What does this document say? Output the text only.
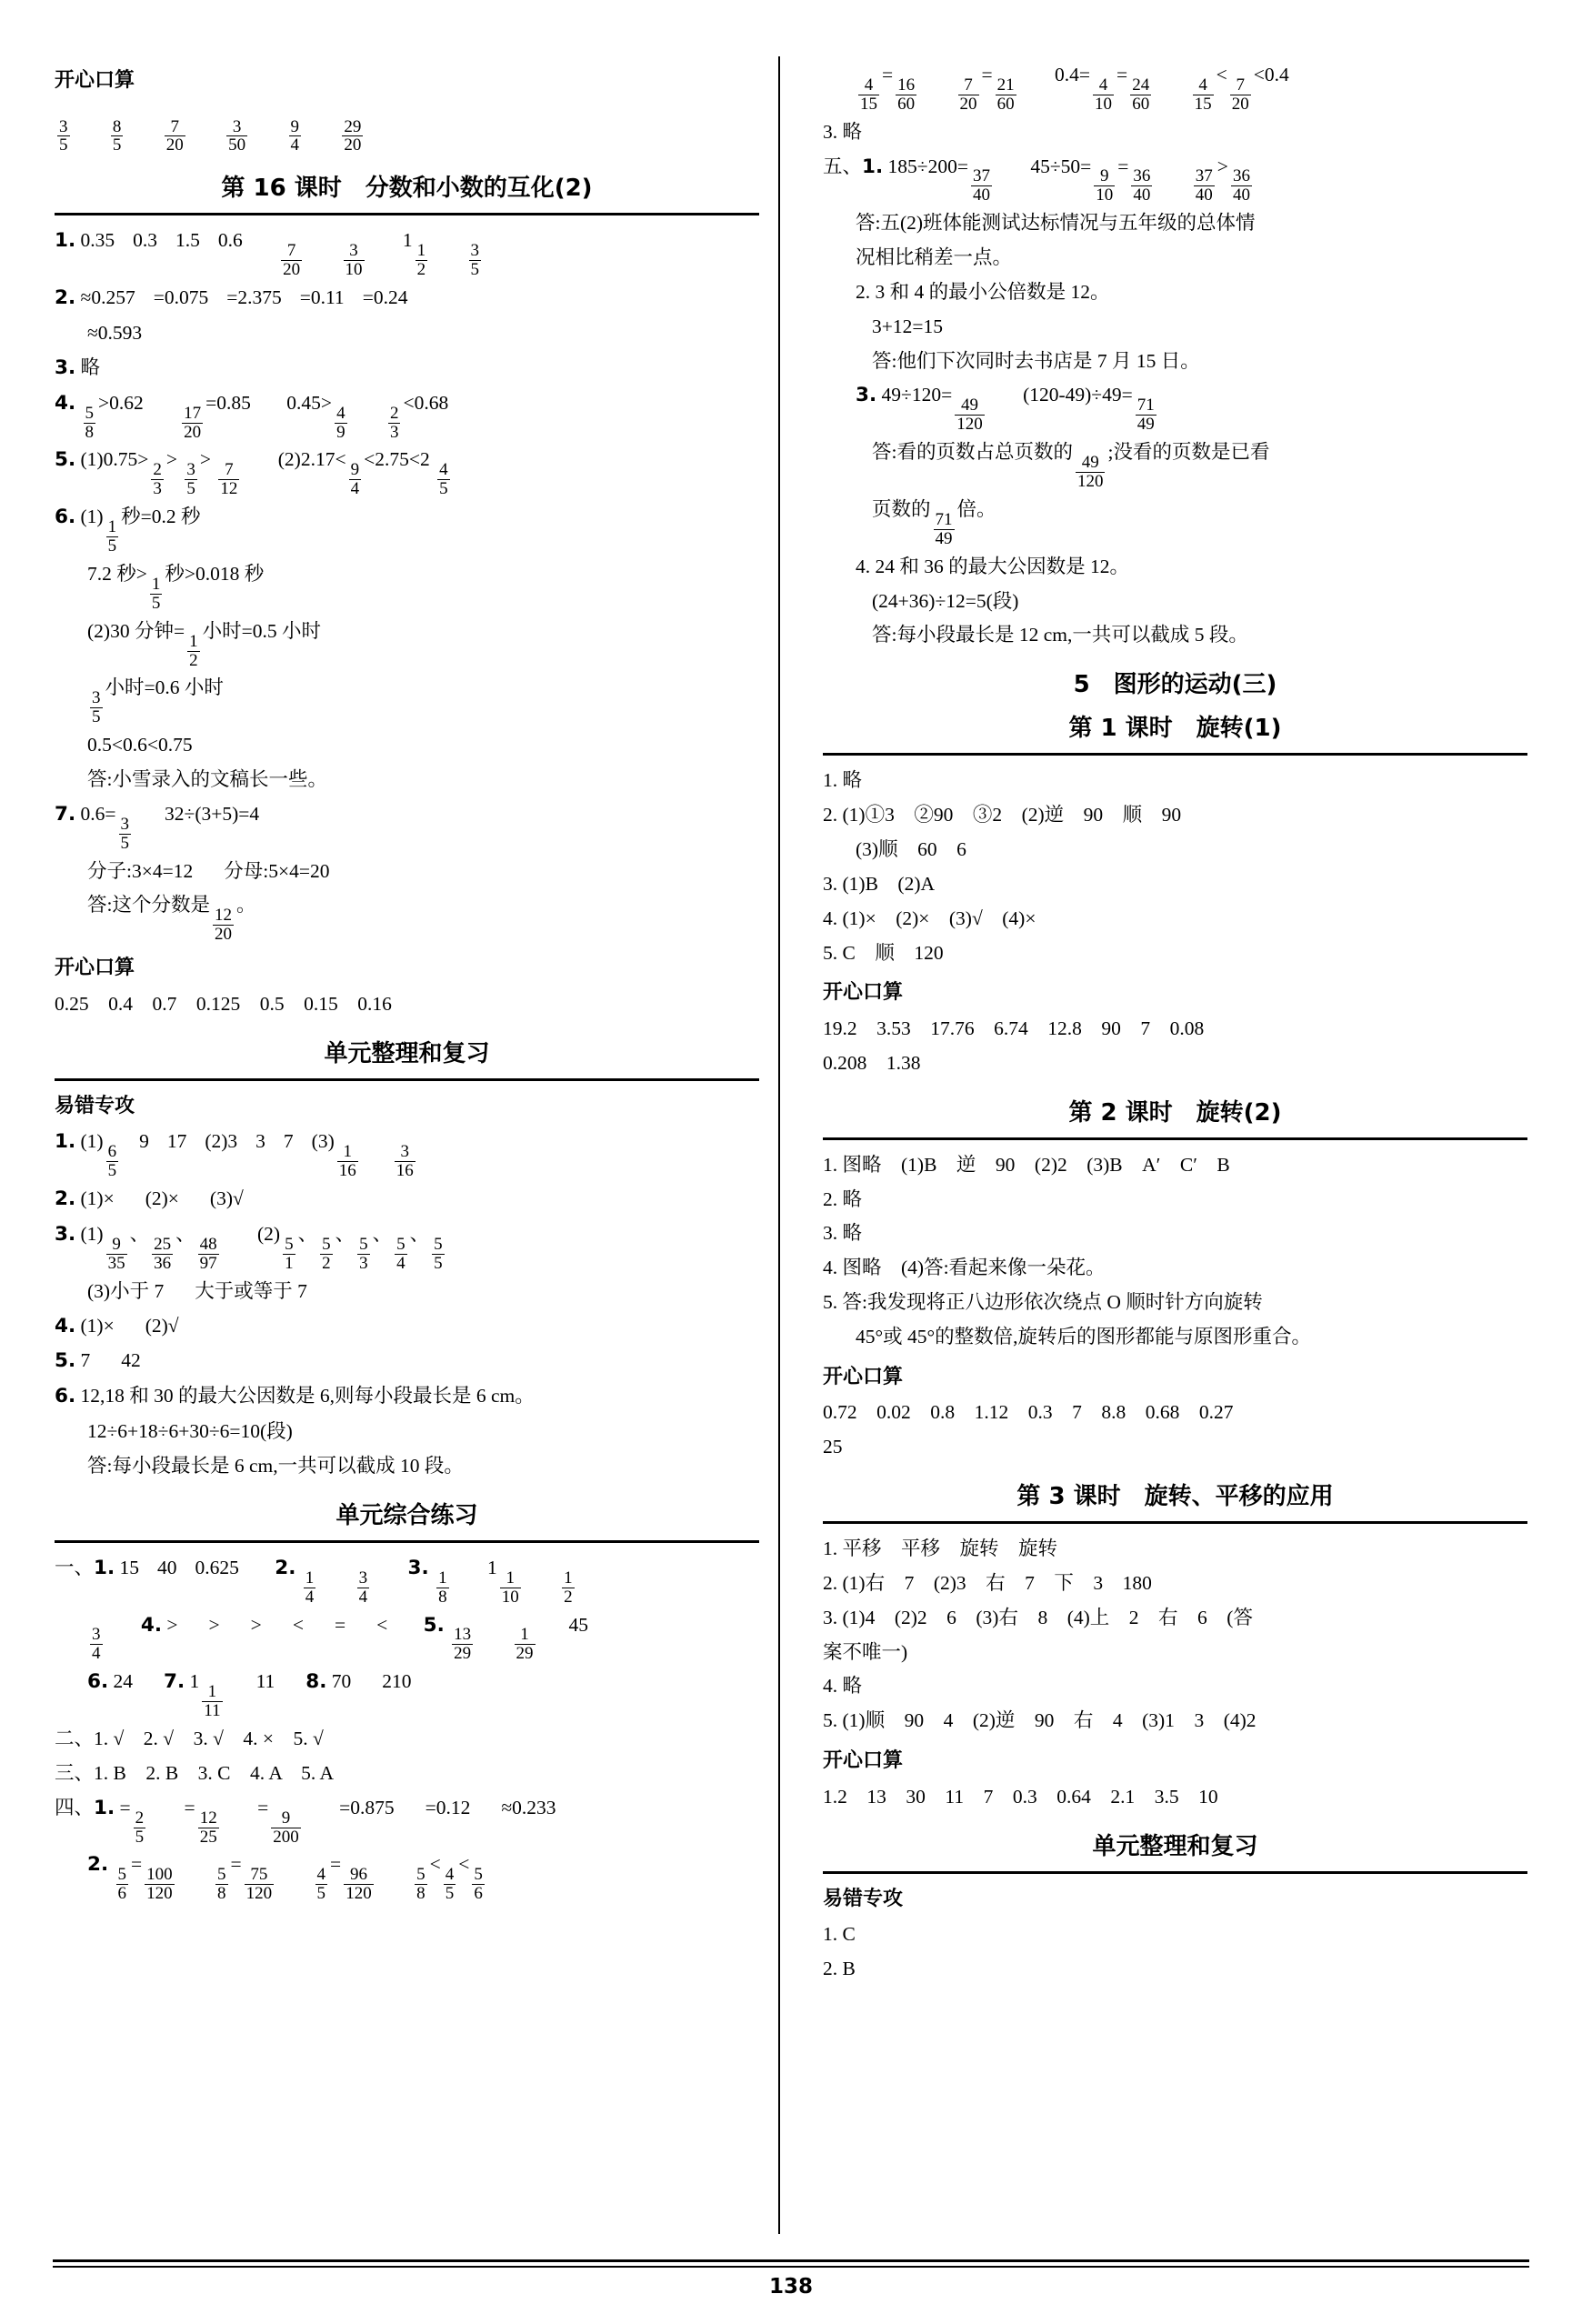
开心口算
$\frac{3}{5}$
$\frac{8}{5}$
$\frac{7}{20}$
$\frac{3}{50}$
$\frac{9}{4}$
$\frac{29}{20}$
第 16 课时　分数和小数的互化(2)
1. 0.35 0.3 1.5 0.6
$\frac{7}{20}$
$\frac{3}{10}$
1
$\frac{1}{2}$
$\frac{3}{5}$
2. ≈0.257 =0.075 =2.375 =0.11 =0.24
≈0.593
3. 略
4.
$\frac{5}{8}$
>0.62
$\frac{17}{20}$
=0.85 0.45>
$\frac{4}{9}$
$\frac{2}{3}$
<0.68
5. (1)0.75>
$\frac{2}{3}$
>
$\frac{3}{5}$
>
$\frac{7}{12}$
(2)2.17<
$\frac{9}{4}$
<2.75<2
$\frac{4}{5}$
6. (1)
$\frac{1}{5}$
秒=0.2 秒
7.2 秒>
$\frac{1}{5}$
秒>0.018 秒
(2)30 分钟=
$\frac{1}{2}$
小时=0.5 小时
$\frac{3}{5}$
小时=0.6 小时
0.5<0.6<0.75
答:小雪录入的文稿长一些。
7. 0.6=
$\frac{3}{5}$
32÷(3+5)=4
分子:3×4=12 分母:5×4=20
答:这个分数是
$\frac{12}{20}$
。
开心口算
0.25　0.4　0.7　0.125　0.5　0.15　0.16
单元整理和复习
易错专攻
1. (1)
$\frac{6}{5}$
9 17 (2)3 3 7 (3)
$\frac{1}{16} \frac{3}{16}$
2. (1)× (2)× (3)√
3. (1)
$\frac{9}{35}$
、
$\frac{25}{36}$
、
$\frac{48}{97}$
(2)
$\frac{5}{1}$
、
$\frac{5}{2}$
、
$\frac{5}{3}$
、
$\frac{5}{4}$
、
$\frac{5}{5}$
(3)小于 7 大于或等于 7
4. (1)× (2)√
5. 7 42
6. 12,18 和 30 的最大公因数是 6,则每小段最长是 6 cm。
12÷6+18÷6+30÷6=10(段)
答:每小段最长是 6 cm,一共可以截成 10 段。
单元综合练习
一、1. 15 40 0.625 2.
$\frac{1}{4}$
$\frac{3}{4}$
3.
$\frac{1}{8}$
1
$\frac{1}{10}$
$\frac{1}{2}$
$\frac{3}{4}$
4. > > > < = < 5.
$\frac{13}{29}$
$\frac{1}{29}$
45
6. 24 7. 1
$\frac{1}{11}$
11 8. 70 210
二、1. √　2. √　3. √　4. ×　5. √
三、1. B　2. B　3. C　4. A　5. A
四、1. =
$\frac{2}{5}$
=
$\frac{12}{25}$
=
$\frac{9}{200}$
=0.875 =0.12 ≈0.233
2.
$\frac{5}{6}$
=
$\frac{100}{120}$
$\frac{5}{8}$
=
$\frac{75}{120}$
$\frac{4}{5}$
=
$\frac{96}{120}$
$\frac{5}{8}$
<
$\frac{4}{5}$
<
$\frac{5}{6}$
$\frac{4}{15}$
=
$\frac{16}{60}$
$\frac{7}{20}$
=
$\frac{21}{60}$
0.4=
$\frac{4}{10}$
=
$\frac{24}{60}$
$\frac{4}{15}$
<
$\frac{7}{20}$
<0.4
3. 略
五、1. 185÷200=
$\frac{37}{40}$
45÷50=
$\frac{9}{10}$
=
$\frac{36}{40}$
$\frac{37}{40}$
>
$\frac{36}{40}$
答:五(2)班体能测试达标情况与五年级的总体情
况相比稍差一点。
2. 3 和 4 的最小公倍数是 12。
3+12=15
答:他们下次同时去书店是 7 月 15 日。
3. 49÷120=
$\frac{49}{120}$
(120-49)÷49=
$\frac{71}{49}$
答:看的页数占总页数的
$\frac{49}{120}$
;没看的页数是已看
页数的
$\frac{71}{49}$
倍。
4. 24 和 36 的最大公因数是 12。
(24+36)÷12=5(段)
答:每小段最长是 12 cm,一共可以截成 5 段。
5　图形的运动(三)
第 1 课时　旋转(1)
1. 略
2. (1)①3　②90　③2　(2)逆　90　顺　90
(3)顺　60　6
3. (1)B　(2)A
4. (1)×　(2)×　(3)√　(4)×
5. C　顺　120
开心口算
19.2　3.53　17.76　6.74　12.8　90　7　0.08
0.208　1.38
第 2 课时　旋转(2)
1. 图略　(1)B　逆　90　(2)2　(3)B　A′　C′　B
2. 略
3. 略
4. 图略　(4)答:看起来像一朵花。
5. 答:我发现将正八边形依次绕点 O 顺时针方向旋转
45°或 45°的整数倍,旋转后的图形都能与原图形重合。
开心口算
0.72　0.02　0.8　1.12　0.3　7　8.8　0.68　0.27
25
第 3 课时　旋转、平移的应用
1. 平移　平移　旋转　旋转
2. (1)右　7　(2)3　右　7　下　3　180
3. (1)4　(2)2　6　(3)右　8　(4)上　2　右　6　(答
案不唯一)
4. 略
5. (1)顺　90　4　(2)逆　90　右　4　(3)1　3　(4)2
开心口算
1.2　13　30　11　7　0.3　0.64　2.1　3.5　10
单元整理和复习
易错专攻
1. C
2. B
138
